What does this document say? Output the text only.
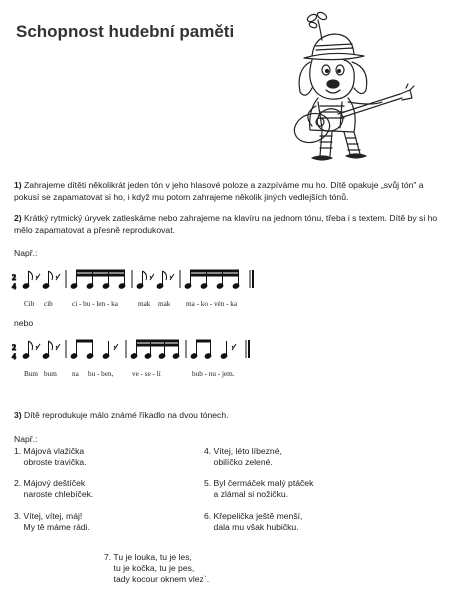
Schopnost hudební paměti
1) Zahrajeme dítěti několikrát jeden tón v jeho hlasové poloze a zazpíváme mu ho. Dítě opakuje „svůj tón" a pokusí se zapamatovat si ho, i když mu potom zahrajeme několik jiných vedlejších tónů.
2) Krátký rytmický úryvek zatleskáme nebo zahrajeme na klavíru na jednom tónu, třeba i s textem. Dítě by si ho mělo zapamatovat a přesně reprodukovat.
Např.:
2
4
Cib cib	ci - bu - len - ka	mak mak ma - ko - vén - ka
nebo
2
4
Bum bum na bu - ben,	ve - se - lí	bub - nu - jem.
3) Dítě reprodukuje málo známé říkadlo na dvou tónech.
Např.:
1. Májová vlažička
obroste travička.
2. Májový deštíček
naroste chlebíček.
3. Vítej, vítej, máj!
My tě máme rádi.
4. Vítej, léto líbezné,
obilíčko zelené.
5. Byl čermáček malý ptáček
a zlámal si nožičku.
6. Křepelička ještě menší,
dala mu však hubičku.
7. Tu je louka, tu je les,
tu je kočka, tu je pes,
tady kocour oknem vlez`.
